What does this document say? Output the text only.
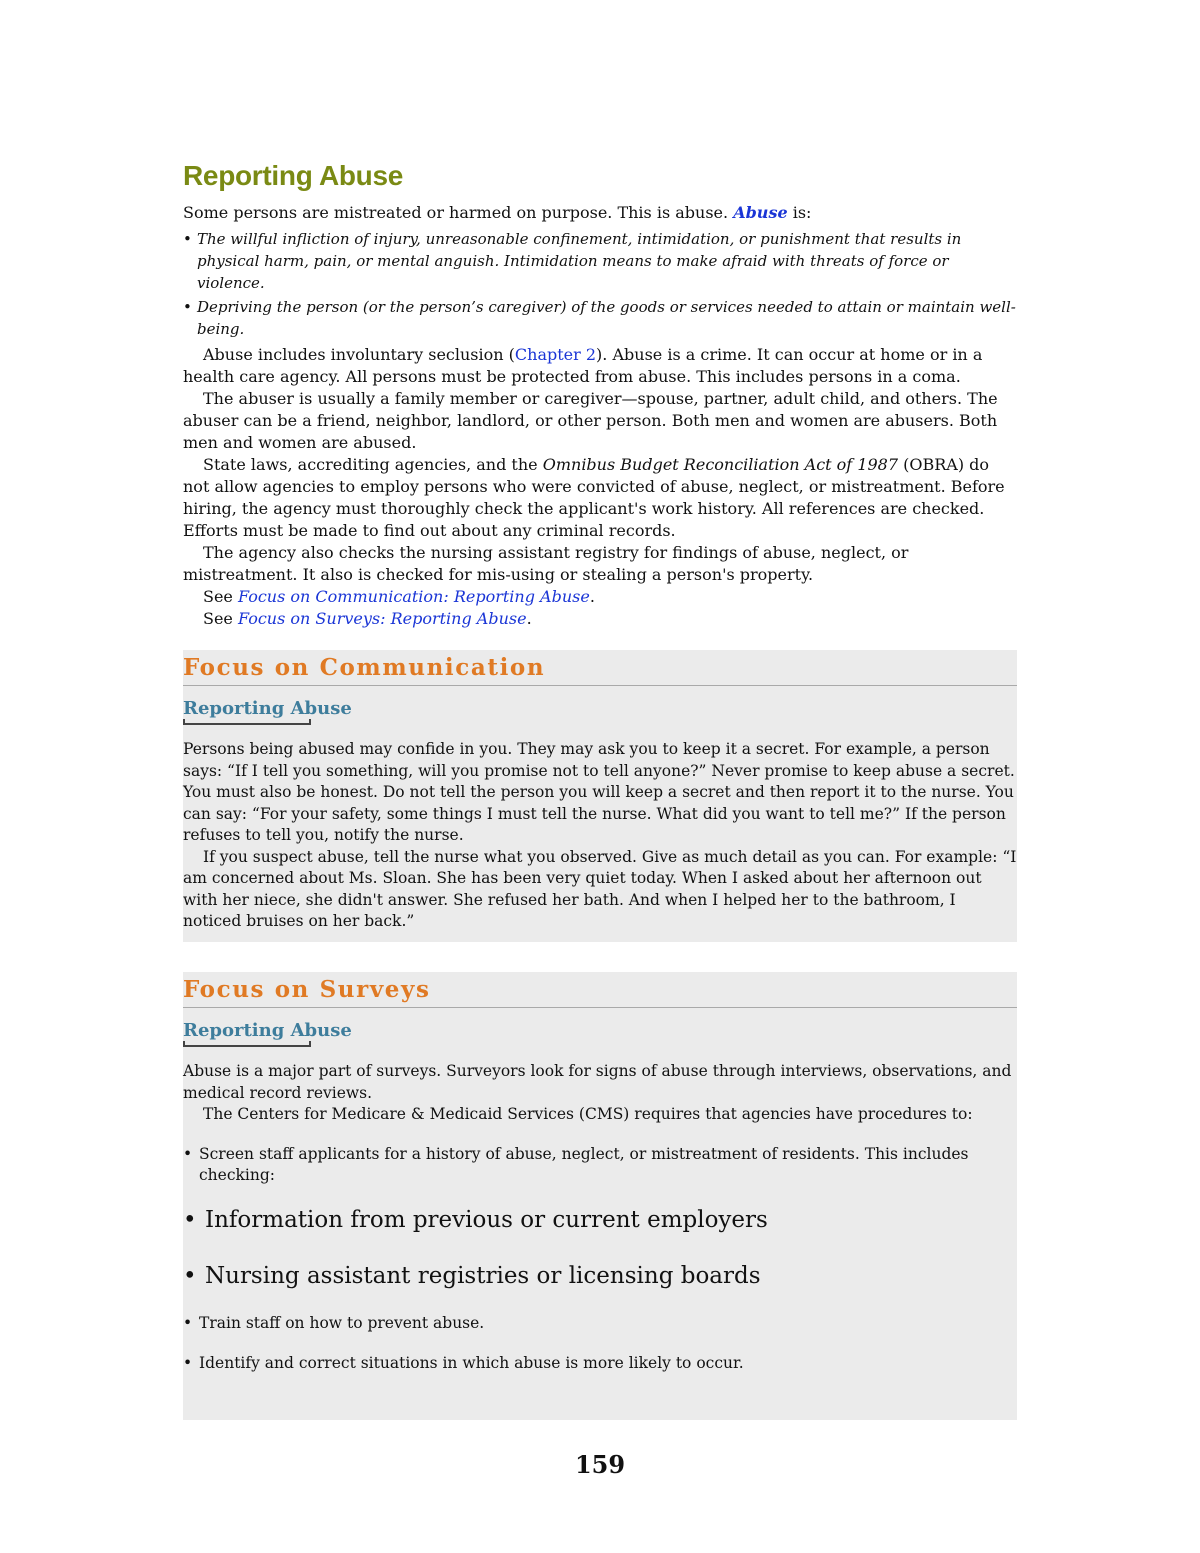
Reporting Abuse

Some persons are mistreated or harmed on purpose. This is abuse. Abuse is:

• The willful infliction of injury, unreasonable confinement, intimidation, or punishment that results in physical harm, pain, or mental anguish. Intimidation means to make afraid with threats of force or violence.
• Depriving the person (or the person’s caregiver) of the goods or services needed to attain or maintain well-being.

Abuse includes involuntary seclusion (Chapter 2). Abuse is a crime. It can occur at home or in a health care agency. All persons must be protected from abuse. This includes persons in a coma.

The abuser is usually a family member or caregiver—spouse, partner, adult child, and others. The abuser can be a friend, neighbor, landlord, or other person. Both men and women are abusers. Both men and women are abused.

State laws, accrediting agencies, and the Omnibus Budget Reconciliation Act of 1987 (OBRA) do not allow agencies to employ persons who were convicted of abuse, neglect, or mistreatment. Before hiring, the agency must thoroughly check the applicant's work history. All references are checked. Efforts must be made to find out about any criminal records.

The agency also checks the nursing assistant registry for findings of abuse, neglect, or mistreatment. It also is checked for mis-using or stealing a person's property.

See Focus on Communication: Reporting Abuse.

See Focus on Surveys: Reporting Abuse.

Focus on Communication
Reporting Abuse

Persons being abused may confide in you. They may ask you to keep it a secret. For example, a person says: “If I tell you something, will you promise not to tell anyone?” Never promise to keep abuse a secret. You must also be honest. Do not tell the person you will keep a secret and then report it to the nurse. You can say: “For your safety, some things I must tell the nurse. What did you want to tell me?” If the person refuses to tell you, notify the nurse.

If you suspect abuse, tell the nurse what you observed. Give as much detail as you can. For example: “I am concerned about Ms. Sloan. She has been very quiet today. When I asked about her afternoon out with her niece, she didn't answer. She refused her bath. And when I helped her to the bathroom, I noticed bruises on her back.”

Focus on Surveys
Reporting Abuse

Abuse is a major part of surveys. Surveyors look for signs of abuse through interviews, observations, and medical record reviews.

The Centers for Medicare & Medicaid Services (CMS) requires that agencies have procedures to:

• Screen staff applicants for a history of abuse, neglect, or mistreatment of residents. This includes checking:
• Information from previous or current employers
• Nursing assistant registries or licensing boards
• Train staff on how to prevent abuse.
• Identify and correct situations in which abuse is more likely to occur.
159
